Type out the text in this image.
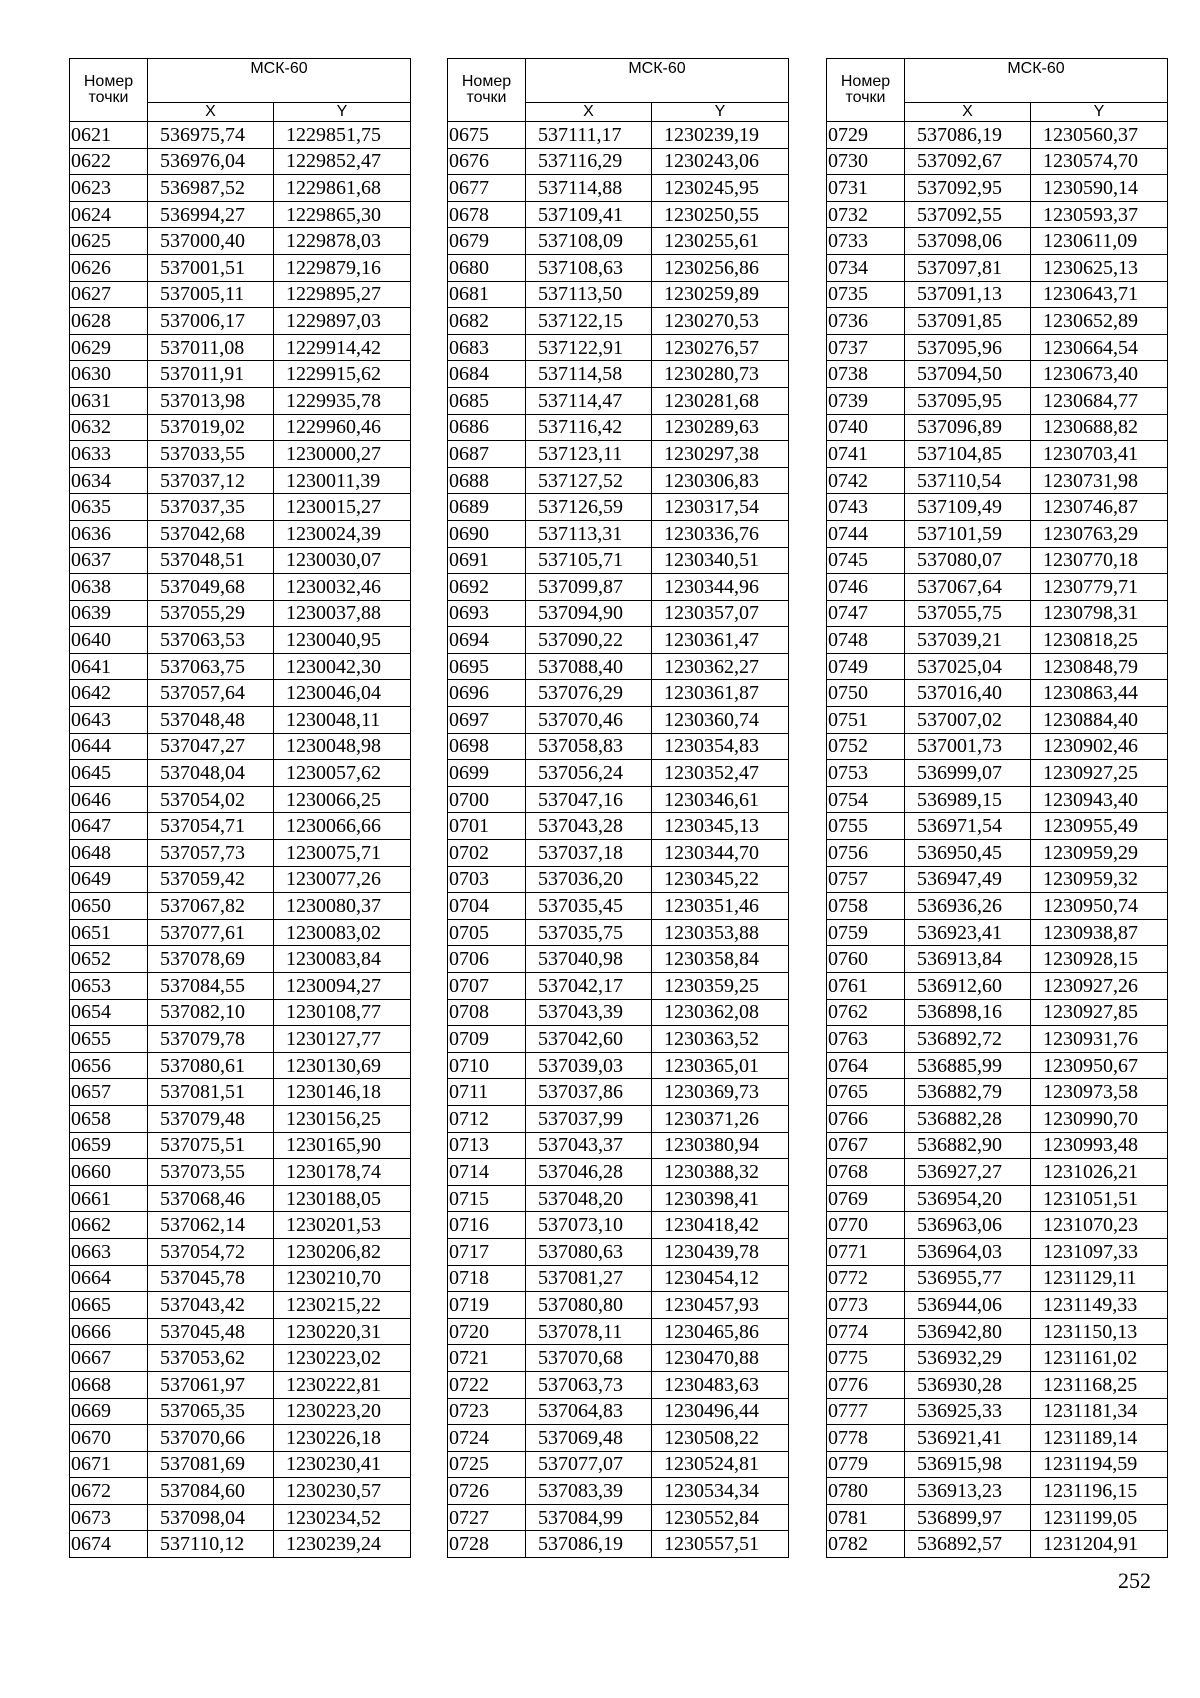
Номер точки	МСК-60	
	X	Y
0621	536975,74	1229851,75
0622	536976,04	1229852,47
0623	536987,52	1229861,68
0624	536994,27	1229865,30
0625	537000,40	1229878,03
0626	537001,51	1229879,16
0627	537005,11	1229895,27
0628	537006,17	1229897,03
0629	537011,08	1229914,42
0630	537011,91	1229915,62
0631	537013,98	1229935,78
0632	537019,02	1229960,46
0633	537033,55	1230000,27
0634	537037,12	1230011,39
0635	537037,35	1230015,27
0636	537042,68	1230024,39
0637	537048,51	1230030,07
0638	537049,68	1230032,46
0639	537055,29	1230037,88
0640	537063,53	1230040,95
0641	537063,75	1230042,30
0642	537057,64	1230046,04
0643	537048,48	1230048,11
0644	537047,27	1230048,98
0645	537048,04	1230057,62
0646	537054,02	1230066,25
0647	537054,71	1230066,66
0648	537057,73	1230075,71
0649	537059,42	1230077,26
0650	537067,82	1230080,37
0651	537077,61	1230083,02
0652	537078,69	1230083,84
0653	537084,55	1230094,27
0654	537082,10	1230108,77
0655	537079,78	1230127,77
0656	537080,61	1230130,69
0657	537081,51	1230146,18
0658	537079,48	1230156,25
0659	537075,51	1230165,90
0660	537073,55	1230178,74
0661	537068,46	1230188,05
0662	537062,14	1230201,53
0663	537054,72	1230206,82
0664	537045,78	1230210,70
0665	537043,42	1230215,22
0666	537045,48	1230220,31
0667	537053,62	1230223,02
0668	537061,97	1230222,81
0669	537065,35	1230223,20
0670	537070,66	1230226,18
0671	537081,69	1230230,41
0672	537084,60	1230230,57
0673	537098,04	1230234,52
0674	537110,12	1230239,24
Номер точки	МСК-60	
	X	Y
0675	537111,17	1230239,19
0676	537116,29	1230243,06
0677	537114,88	1230245,95
0678	537109,41	1230250,55
0679	537108,09	1230255,61
0680	537108,63	1230256,86
0681	537113,50	1230259,89
0682	537122,15	1230270,53
0683	537122,91	1230276,57
0684	537114,58	1230280,73
0685	537114,47	1230281,68
0686	537116,42	1230289,63
0687	537123,11	1230297,38
0688	537127,52	1230306,83
0689	537126,59	1230317,54
0690	537113,31	1230336,76
0691	537105,71	1230340,51
0692	537099,87	1230344,96
0693	537094,90	1230357,07
0694	537090,22	1230361,47
0695	537088,40	1230362,27
0696	537076,29	1230361,87
0697	537070,46	1230360,74
0698	537058,83	1230354,83
0699	537056,24	1230352,47
0700	537047,16	1230346,61
0701	537043,28	1230345,13
0702	537037,18	1230344,70
0703	537036,20	1230345,22
0704	537035,45	1230351,46
0705	537035,75	1230353,88
0706	537040,98	1230358,84
0707	537042,17	1230359,25
0708	537043,39	1230362,08
0709	537042,60	1230363,52
0710	537039,03	1230365,01
0711	537037,86	1230369,73
0712	537037,99	1230371,26
0713	537043,37	1230380,94
0714	537046,28	1230388,32
0715	537048,20	1230398,41
0716	537073,10	1230418,42
0717	537080,63	1230439,78
0718	537081,27	1230454,12
0719	537080,80	1230457,93
0720	537078,11	1230465,86
0721	537070,68	1230470,88
0722	537063,73	1230483,63
0723	537064,83	1230496,44
0724	537069,48	1230508,22
0725	537077,07	1230524,81
0726	537083,39	1230534,34
0727	537084,99	1230552,84
0728	537086,19	1230557,51
Номер точки	МСК-60	
	X	Y
0729	537086,19	1230560,37
0730	537092,67	1230574,70
0731	537092,95	1230590,14
0732	537092,55	1230593,37
0733	537098,06	1230611,09
0734	537097,81	1230625,13
0735	537091,13	1230643,71
0736	537091,85	1230652,89
0737	537095,96	1230664,54
0738	537094,50	1230673,40
0739	537095,95	1230684,77
0740	537096,89	1230688,82
0741	537104,85	1230703,41
0742	537110,54	1230731,98
0743	537109,49	1230746,87
0744	537101,59	1230763,29
0745	537080,07	1230770,18
0746	537067,64	1230779,71
0747	537055,75	1230798,31
0748	537039,21	1230818,25
0749	537025,04	1230848,79
0750	537016,40	1230863,44
0751	537007,02	1230884,40
0752	537001,73	1230902,46
0753	536999,07	1230927,25
0754	536989,15	1230943,40
0755	536971,54	1230955,49
0756	536950,45	1230959,29
0757	536947,49	1230959,32
0758	536936,26	1230950,74
0759	536923,41	1230938,87
0760	536913,84	1230928,15
0761	536912,60	1230927,26
0762	536898,16	1230927,85
0763	536892,72	1230931,76
0764	536885,99	1230950,67
0765	536882,79	1230973,58
0766	536882,28	1230990,70
0767	536882,90	1230993,48
0768	536927,27	1231026,21
0769	536954,20	1231051,51
0770	536963,06	1231070,23
0771	536964,03	1231097,33
0772	536955,77	1231129,11
0773	536944,06	1231149,33
0774	536942,80	1231150,13
0775	536932,29	1231161,02
0776	536930,28	1231168,25
0777	536925,33	1231181,34
0778	536921,41	1231189,14
0779	536915,98	1231194,59
0780	536913,23	1231196,15
0781	536899,97	1231199,05
0782	536892,57	1231204,91
252
